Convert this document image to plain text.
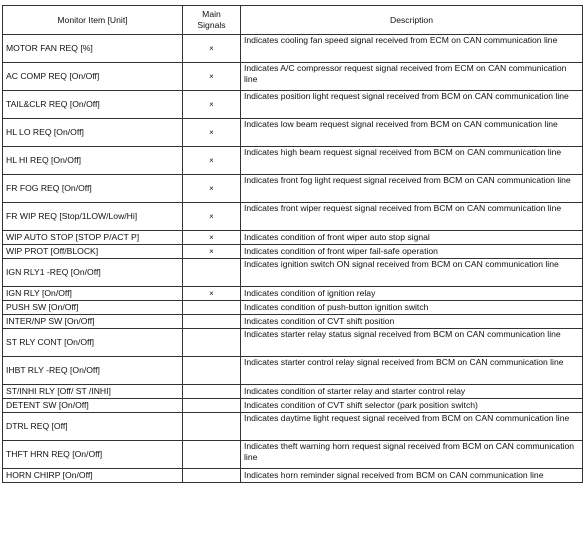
Monitor Item [Unit]	Main Signals	Description
MOTOR FAN REQ [%]	×	Indicates cooling fan speed signal received from ECM on CAN communication line
AC COMP REQ [On/Off]	×	Indicates A/C compressor request signal received from ECM on CAN communication line
TAIL&CLR REQ [On/Off]	×	Indicates position light request signal received from BCM on CAN communication line
HL LO REQ [On/Off]	×	Indicates low beam request signal received from BCM on CAN communication line
HL HI REQ [On/Off]	×	Indicates high beam request signal received from BCM on CAN communication line
FR FOG REQ [On/Off]	×	Indicates front fog light request signal received from BCM on CAN communication line
FR WIP REQ [Stop/1LOW/Low/Hi]	×	Indicates front wiper request signal received from BCM on CAN communication line
WIP AUTO STOP [STOP P/ACT P]	×	Indicates condition of front wiper auto stop signal
WIP PROT [Off/BLOCK]	×	Indicates condition of front wiper fail-safe operation
IGN RLY1 -REQ [On/Off]		Indicates ignition switch ON signal received from BCM on CAN communication line
IGN RLY [On/Off]	×	Indicates condition of ignition relay
PUSH SW [On/Off]		Indicates condition of push-button ignition switch
INTER/NP SW [On/Off]		Indicates condition of CVT shift position
ST RLY CONT [On/Off]		Indicates starter relay status signal received from BCM on CAN communication line
IHBT RLY -REQ [On/Off]		Indicates starter control relay signal received from BCM on CAN communication line
ST/INHI RLY [Off/ ST /INHI]		Indicates condition of starter relay and starter control relay
DETENT SW [On/Off]		Indicates condition of CVT shift selector (park position switch)
DTRL REQ [Off]		Indicates daytime light request signal received from BCM on CAN communication line
THFT HRN REQ [On/Off]		Indicates theft warning horn request signal received from BCM on CAN communication line
HORN CHIRP [On/Off]		Indicates horn reminder signal received from BCM on CAN communication line
